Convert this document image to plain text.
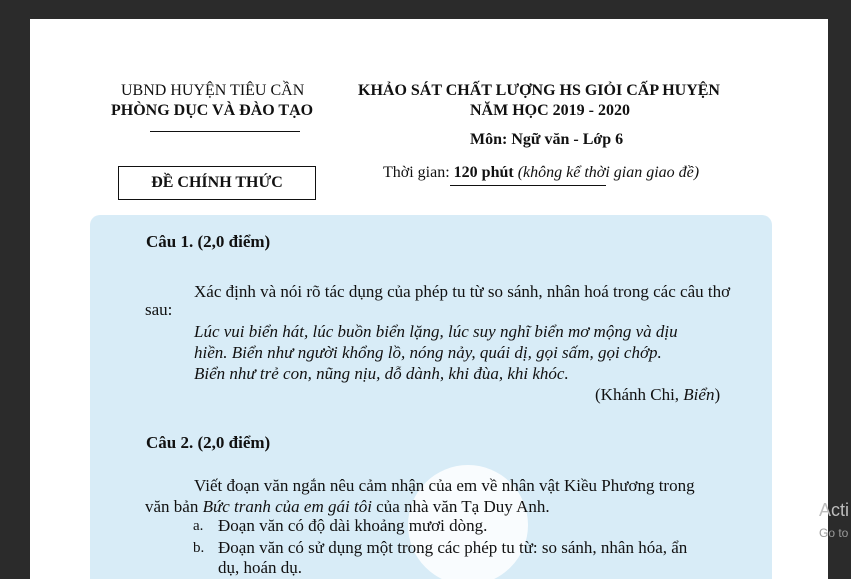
UBND HUYỆN TIÊU CẦN
PHÒNG DỤC VÀ ĐÀO TẠO
ĐỀ CHÍNH THỨC
KHẢO SÁT CHẤT LƯỢNG HS GIỎI CẤP HUYỆN
NĂM HỌC 2019 - 2020
Môn: Ngữ văn - Lớp 6
Thời gian: 120 phút (không kể thời gian giao đề)
Câu 1. (2,0 điểm)
Xác định và nói rõ tác dụng của phép tu từ so sánh, nhân hoá trong các câu thơ
sau:
Lúc vui biển hát, lúc buồn biển lặng, lúc suy nghĩ biển mơ mộng và dịu
hiền. Biển như người khổng lồ, nóng nảy, quái dị, gọi sấm, gọi chớp.
Biển như trẻ con, nũng nịu, dỗ dành, khi đùa, khi khóc.
(Khánh Chi, Biển)
Câu 2. (2,0 điểm)
Viết đoạn văn ngắn nêu cảm nhận của em về nhân vật Kiều Phương trong
văn bản Bức tranh của em gái tôi của nhà văn Tạ Duy Anh.
a. Đoạn văn có độ dài khoảng mươi dòng.
b. Đoạn văn có sử dụng một trong các phép tu từ: so sánh, nhân hóa, ẩn
dụ, hoán dụ.
Acti
Go to
